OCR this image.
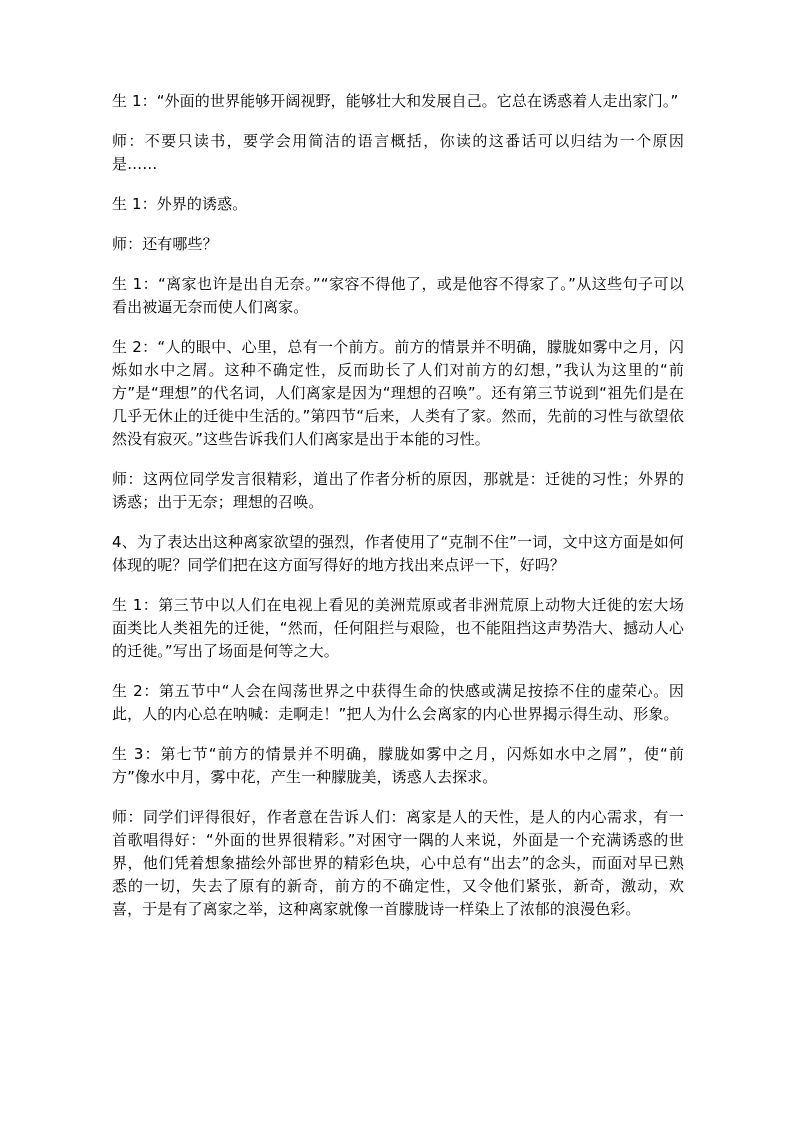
生 1：“外面的世界能够开阔视野，能够壮大和发展自己。它总在诱惑着人走出家门。”

师：不要只读书，要学会用简洁的语言概括，你读的这番话可以归结为一个原因是……

生 1：外界的诱惑。

师：还有哪些？

生 1：“离家也许是出自无奈。”“家容不得他了，或是他容不得家了。”从这些句子可以看出被逼无奈而使人们离家。

生 2：“人的眼中、心里，总有一个前方。前方的情景并不明确，朦胧如雾中之月，闪烁如水中之屑。这种不确定性，反而助长了人们对前方的幻想，”我认为这里的“前方”是“理想”的代名词，人们离家是因为“理想的召唤”。还有第三节说到“祖先们是在几乎无休止的迁徙中生活的。”第四节“后来，人类有了家。然而，先前的习性与欲望依然没有寂灭。”这些告诉我们人们离家是出于本能的习性。

师：这两位同学发言很精彩，道出了作者分析的原因，那就是：迁徙的习性；外界的诱惑；出于无奈；理想的召唤。

4、为了表达出这种离家欲望的强烈，作者使用了“克制不住”一词，文中这方面是如何体现的呢？同学们把在这方面写得好的地方找出来点评一下，好吗？

生 1：第三节中以人们在电视上看见的美洲荒原或者非洲荒原上动物大迁徙的宏大场面类比人类祖先的迁徙，“然而，任何阻拦与艰险，也不能阻挡这声势浩大、撼动人心的迁徙。”写出了场面是何等之大。

生 2：第五节中“人会在闯荡世界之中获得生命的快感或满足按捺不住的虚荣心。因此，人的内心总在呐喊：走啊走！”把人为什么会离家的内心世界揭示得生动、形象。

生 3：第七节“前方的情景并不明确，朦胧如雾中之月，闪烁如水中之屑”，使“前方”像水中月，雾中花，产生一种朦胧美，诱惑人去探求。

师：同学们评得很好，作者意在告诉人们：离家是人的天性，是人的内心需求，有一首歌唱得好：“外面的世界很精彩。”对困守一隅的人来说，外面是一个充满诱惑的世界，他们凭着想象描绘外部世界的精彩色块，心中总有“出去”的念头，而面对早已熟悉的一切，失去了原有的新奇，前方的不确定性，又令他们紧张，新奇，激动，欢喜，于是有了离家之举，这种离家就像一首朦胧诗一样染上了浓郁的浪漫色彩。
